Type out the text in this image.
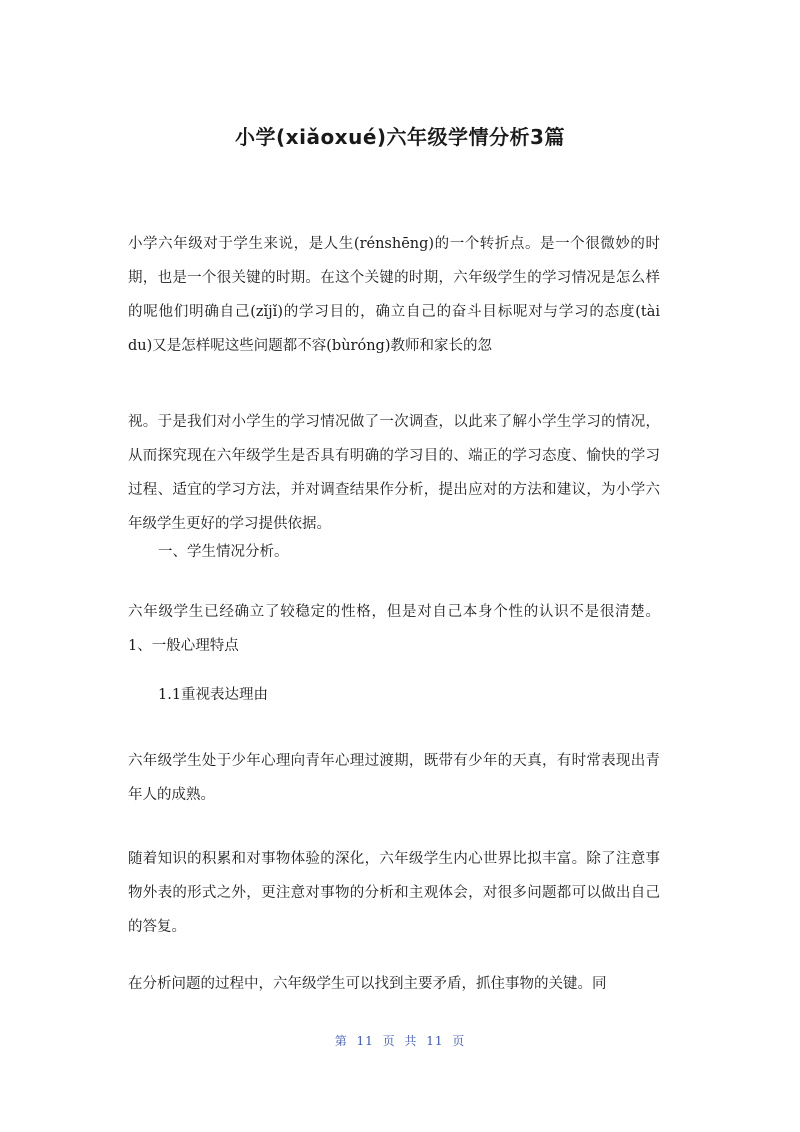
小学(xiǎoxué)六年级学情分析3篇
小学六年级对于学生来说，是人生(rénshēng)的一个转折点。是一个很微妙的时期，也是一个很关键的时期。在这个关键的时期，六年级学生的学习情况是怎么样的呢他们明确自己(zǐjǐ)的学习目的，确立自己的奋斗目标呢对与学习的态度(tài du)又是怎样呢这些问题都不容(bùróng)教师和家长的忽
视。于是我们对小学生的学习情况做了一次调查，以此来了解小学生学习的情况，从而探究现在六年级学生是否具有明确的学习目的、端正的学习态度、愉快的学习过程、适宜的学习方法，并对调查结果作分析，提出应对的方法和建议，为小学六年级学生更好的学习提供依据。
一、学生情况分析。
六年级学生已经确立了较稳定的性格，但是对自己本身个性的认识不是很清楚。 1、一般心理特点
1.1重视表达理由
六年级学生处于少年心理向青年心理过渡期，既带有少年的天真，有时常表现出青年人的成熟。
随着知识的积累和对事物体验的深化，六年级学生内心世界比拟丰富。除了注意事物外表的形式之外，更注意对事物的分析和主观体会，对很多问题都可以做出自己的答复。
在分析问题的过程中，六年级学生可以找到主要矛盾，抓住事物的关键。同
第 11 页 共 11 页
